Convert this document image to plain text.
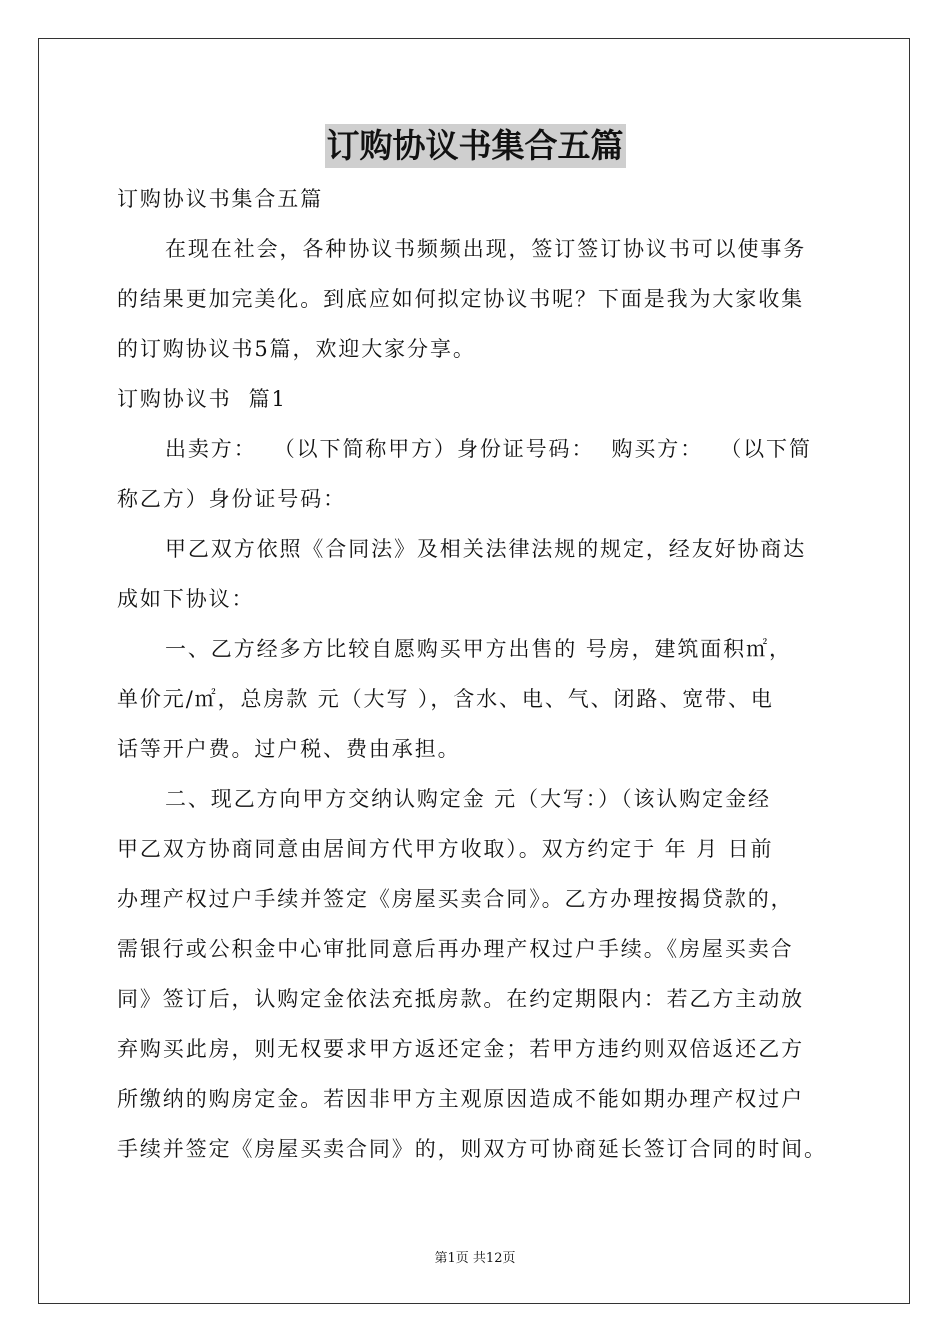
订购协议书集合五篇

订购协议书集合五篇

在现在社会，各种协议书频频出现，签订签订协议书可以使事务

的结果更加完美化。到底应如何拟定协议书呢？下面是我为大家收集

的订购协议书5篇，欢迎大家分享。

订购协议书  篇1

出卖方：  （以下简称甲方）身份证号码：  购买方：  （以下简

称乙方）身份证号码：

甲乙双方依照《合同法》及相关法律法规的规定，经友好协商达

成如下协议：

一、乙方经多方比较自愿购买甲方出售的 号房，建筑面积㎡，

单价元/㎡，总房款 元（大写 ），含水、电、气、闭路、宽带、电

话等开户费。过户税、费由承担。

二、现乙方向甲方交纳认购定金 元（大写：）（该认购定金经

甲乙双方协商同意由居间方代甲方收取）。双方约定于 年 月 日前

办理产权过户手续并签定《房屋买卖合同》。乙方办理按揭贷款的，

需银行或公积金中心审批同意后再办理产权过户手续。《房屋买卖合

同》签订后，认购定金依法充抵房款。在约定期限内：若乙方主动放

弃购买此房，则无权要求甲方返还定金；若甲方违约则双倍返还乙方

所缴纳的购房定金。若因非甲方主观原因造成不能如期办理产权过户

手续并签定《房屋买卖合同》的，则双方可协商延长签订合同的时间。

第1页 共12页
